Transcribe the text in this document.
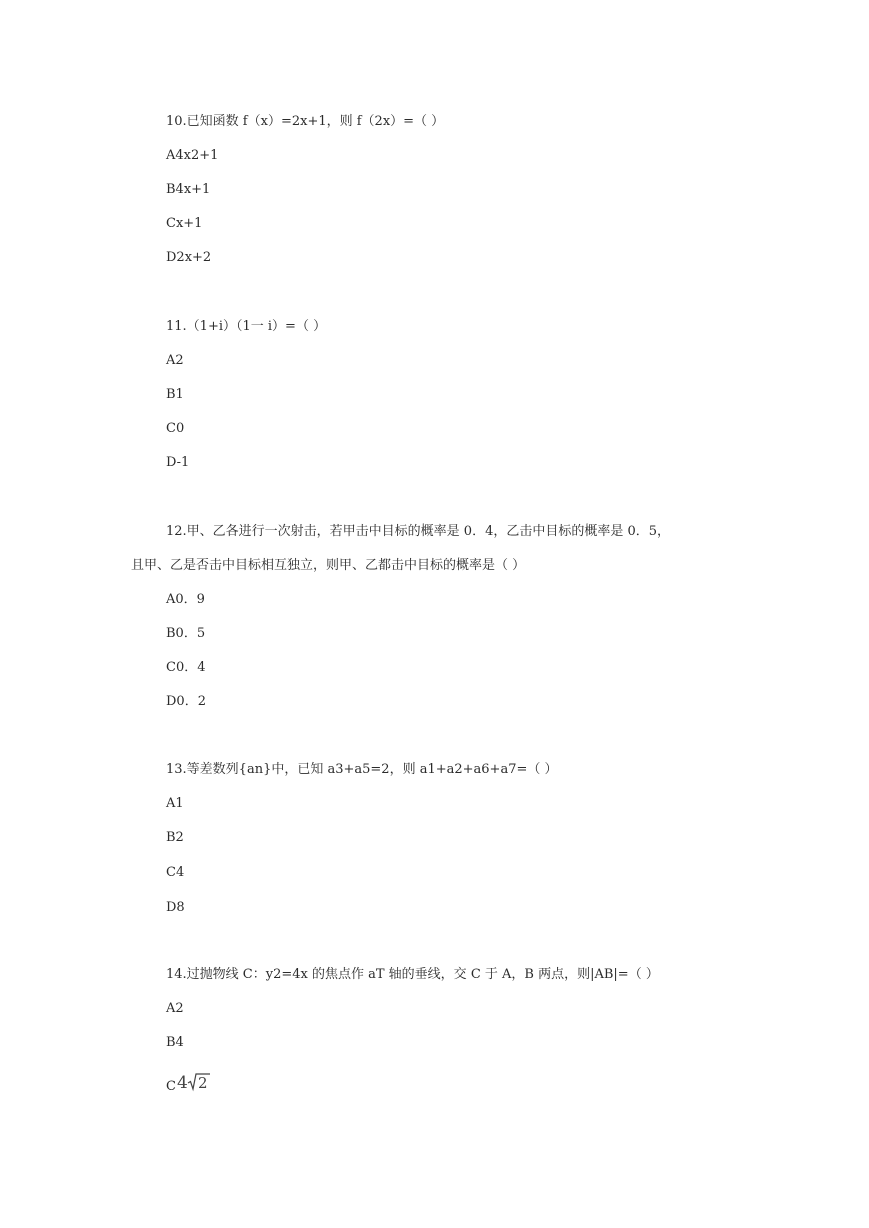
10.已知函数 f（x）=2x+1，则 f（2x）=（ ）

A4x2+1

B4x+1

Cx+1

D2x+2

11.（1+i）（1一 i）=（ ）

A2

B1

C0

D-1

12.甲、乙各进行一次射击，若甲击中目标的概率是 0．4，乙击中目标的概率是 0．5，

且甲、乙是否击中目标相互独立，则甲、乙都击中目标的概率是（ ）

A0．9

B0．5

C0．4

D0．2

13.等差数列{an}中，已知 a3+a5=2，则 a1+a2+a6+a7=（ ）

A1

B2

C4

D8

14.过抛物线 C：y2=4x 的焦点作 aT 轴的垂线，交 C 于 A，B 两点，则|AB|=（ ）

A2

B4

C 4 2
